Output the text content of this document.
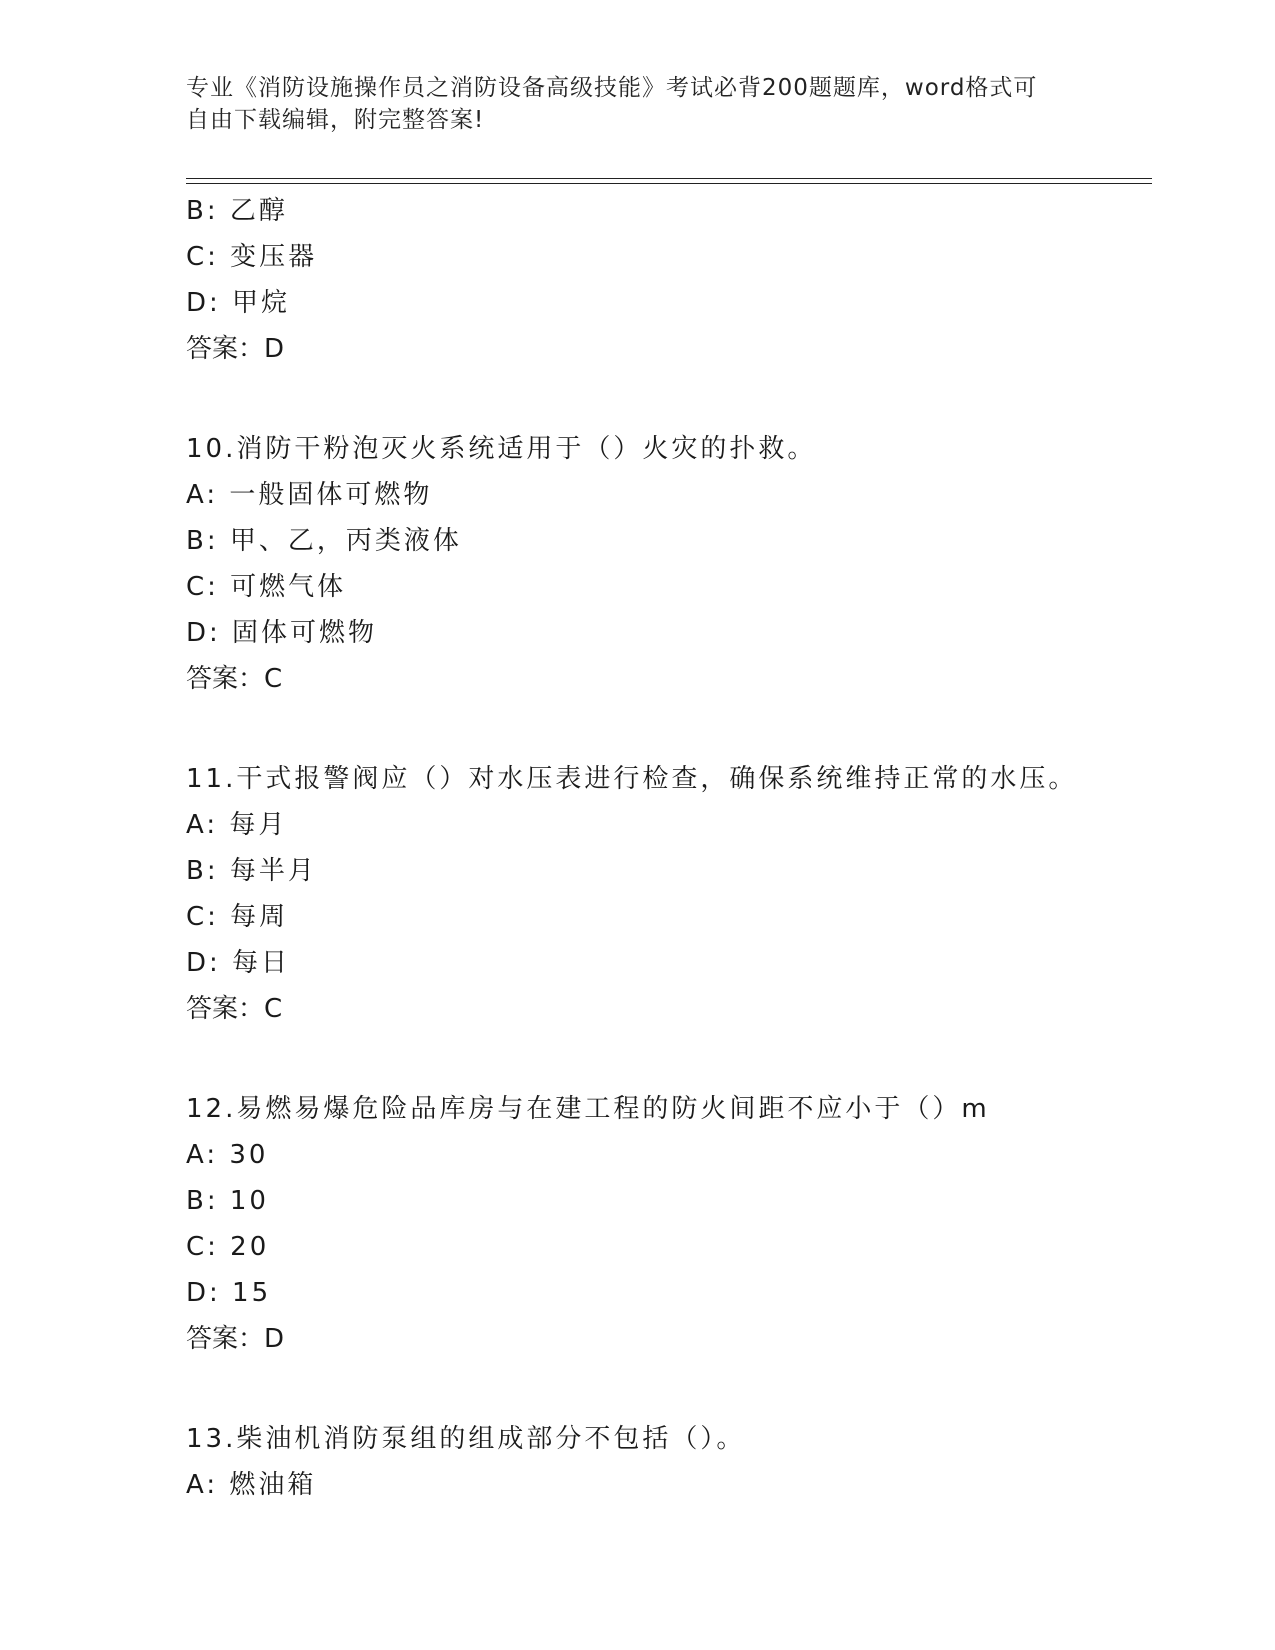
专业《消防设施操作员之消防设备高级技能》考试必背200题题库，word格式可
自由下载编辑，附完整答案!
B: 乙醇
C: 变压器
D: 甲烷
答案：D
10.消防干粉泡灭火系统适用于（）火灾的扑救。
A: 一般固体可燃物
B: 甲、乙，丙类液体
C: 可燃气体
D: 固体可燃物
答案：C
11.干式报警阀应（）对水压表进行检查，确保系统维持正常的水压。
A: 每月
B: 每半月
C: 每周
D: 每日
答案：C
12.易燃易爆危险品库房与在建工程的防火间距不应小于（）m
A: 30
B: 10
C: 20
D: 15
答案：D
13.柴油机消防泵组的组成部分不包括（）。
A: 燃油箱
